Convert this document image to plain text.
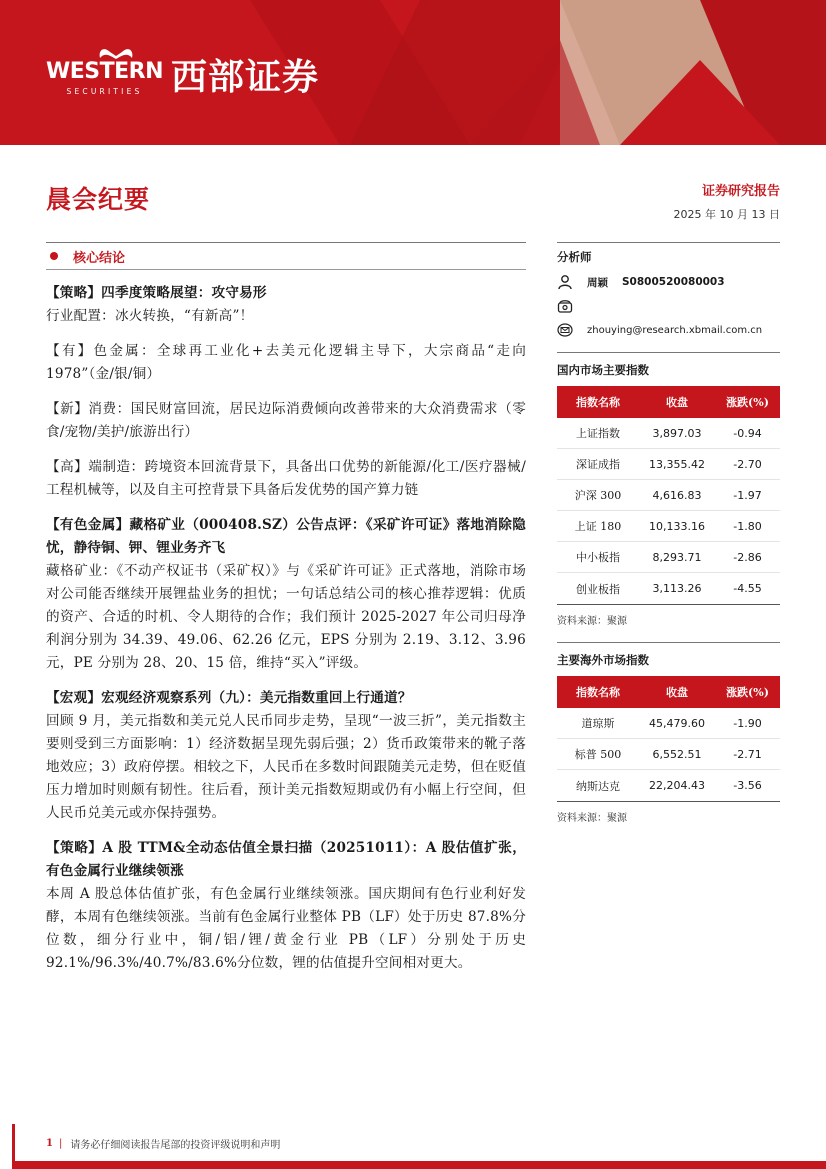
WESTERN
SECURITIES 西部证券
晨会纪要	证券研究报告
2025 年 10 月 13 日
核心结论
【策略】四季度策略展望：攻守易形
行业配置：冰火转换，“有新高”！
【有】色金属：全球再工业化+去美元化逻辑主导下，大宗商品“走向 1978”（金/银/铜）
【新】消费：国民财富回流，居民边际消费倾向改善带来的大众消费需求（零食/宠物/美护/旅游出行）
【高】端制造：跨境资本回流背景下，具备出口优势的新能源/化工/医疗器械/工程机械等，以及自主可控背景下具备后发优势的国产算力链
【有色金属】藏格矿业（000408.SZ）公告点评：《采矿许可证》落地消除隐忧，静待铜、钾、锂业务齐飞
藏格矿业：《不动产权证书（采矿权）》与《采矿许可证》正式落地，消除市场对公司能否继续开展锂盐业务的担忧；一句话总结公司的核心推荐逻辑：优质的资产、合适的时机、令人期待的合作；我们预计 2025-2027 年公司归母净利润分别为 34.39、49.06、62.26 亿元，EPS 分别为 2.19、3.12、3.96 元，PE 分别为 28、20、15 倍，维持“买入”评级。
【宏观】宏观经济观察系列（九）：美元指数重回上行通道？
回顾 9 月，美元指数和美元兑人民币同步走势，呈现“一波三折”，美元指数主要则受到三方面影响：1）经济数据呈现先弱后强；2）货币政策带来的靴子落地效应；3）政府停摆。相较之下，人民币在多数时间跟随美元走势，但在贬值压力增加时则颇有韧性。往后看，预计美元指数短期或仍有小幅上行空间，但人民币兑美元或亦保持强势。
【策略】A 股 TTM&全动态估值全景扫描（20251011）：A 股估值扩张，有色金属行业继续领涨
本周 A 股总体估值扩张，有色金属行业继续领涨。国庆期间有色行业利好发酵，本周有色继续领涨。当前有色金属行业整体 PB（LF）处于历史 87.8%分位数，细分行业中，铜/铝/锂/黄金行业 PB（LF）分别处于历史 92.1%/96.3%/40.7%/83.6%分位数，锂的估值提升空间相对更大。
分析师
周颖 S0800520080003
zhouying@research.xbmail.com.cn
国内市场主要指数
指数名称	收盘	涨跌(%)
上证指数	3,897.03	-0.94
深证成指	13,355.42	-2.70
沪深 300	4,616.83	-1.97
上证 180	10,133.16	-1.80
中小板指	8,293.71	-2.86
创业板指	3,113.26	-4.55
资料来源：聚源
主要海外市场指数
指数名称	收盘	涨跌(%)
道琼斯	45,479.60	-1.90
标普 500	6,552.51	-2.71
纳斯达克	22,204.43	-3.56
资料来源：聚源
1 | 请务必仔细阅读报告尾部的投资评级说明和声明
